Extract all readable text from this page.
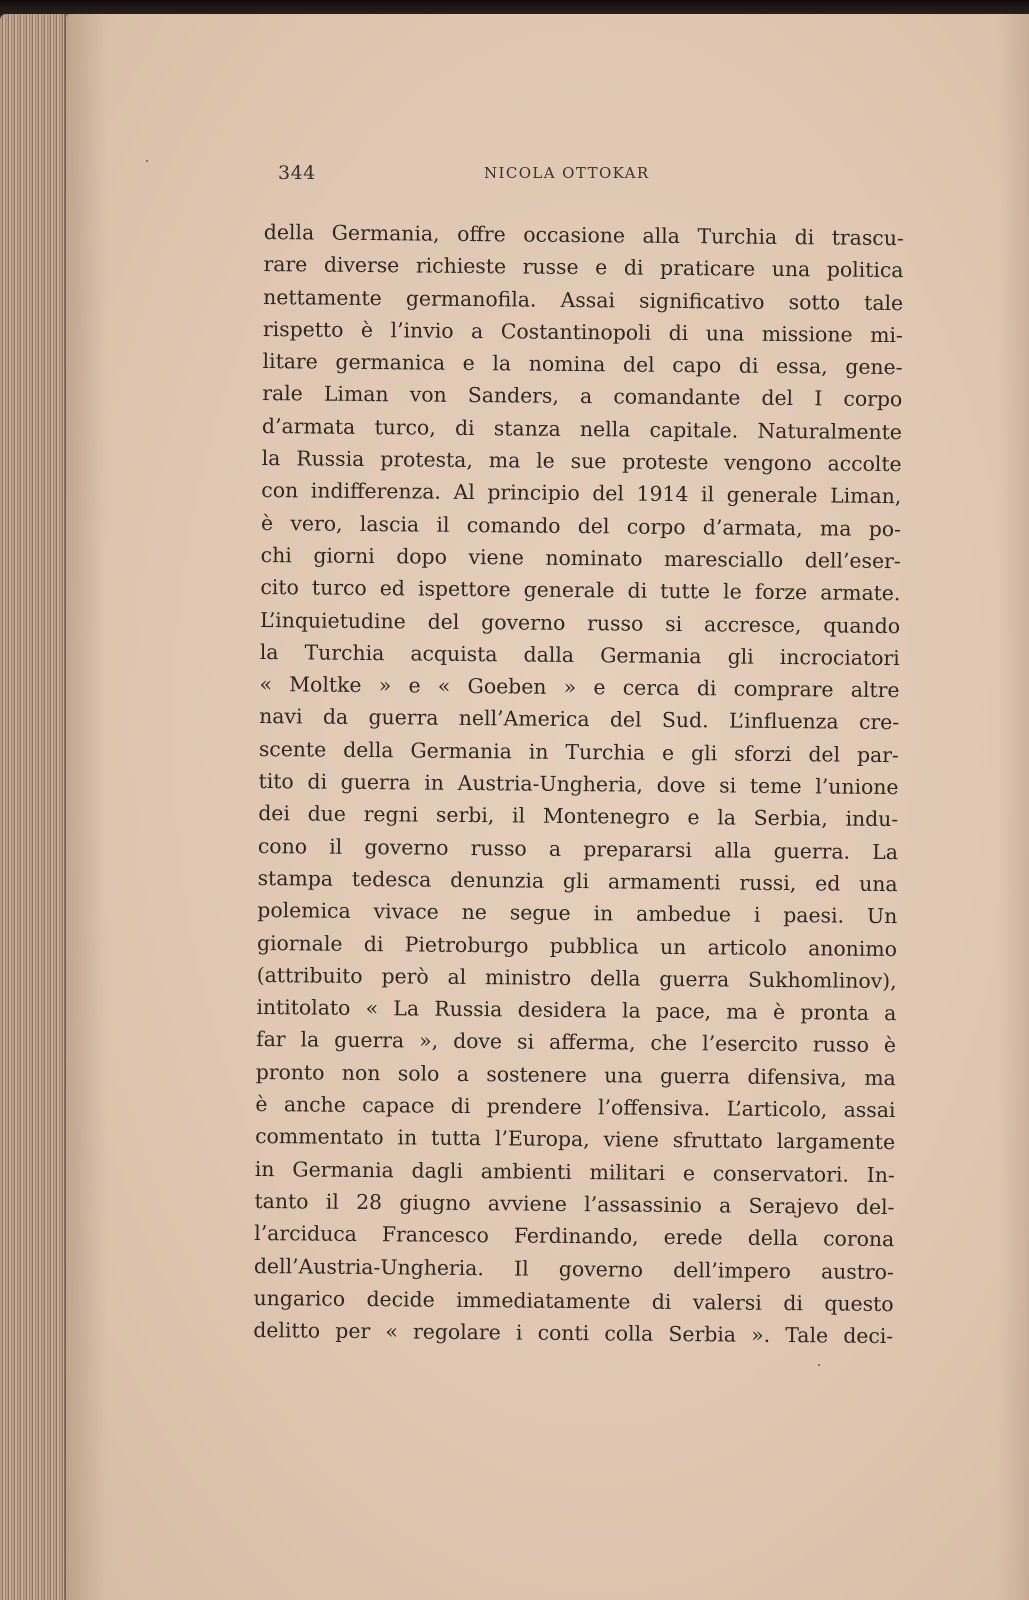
344	NICOLA OTTOKAR
della Germania, offre occasione alla Turchia di trascu-
rare diverse richieste russe e di praticare una politica
nettamente germanofila. Assai significativo sotto tale
rispetto è l’invio a Costantinopoli di una missione mi-
litare germanica e la nomina del capo di essa, gene-
rale Liman von Sanders, a comandante del I corpo
d’armata turco, di stanza nella capitale. Naturalmente
la Russia protesta, ma le sue proteste vengono accolte
con indifferenza. Al principio del 1914 il generale Liman,
è vero, lascia il comando del corpo d’armata, ma po-
chi giorni dopo viene nominato maresciallo dell’eser-
cito turco ed ispettore generale di tutte le forze armate.
L’inquietudine del governo russo si accresce, quando
la Turchia acquista dalla Germania gli incrociatori
« Moltke » e « Goeben » e cerca di comprare altre
navi da guerra nell’America del Sud. L’influenza cre-
scente della Germania in Turchia e gli sforzi del par-
tito di guerra in Austria-Ungheria, dove si teme l’unione
dei due regni serbi, il Montenegro e la Serbia, indu-
cono il governo russo a prepararsi alla guerra. La
stampa tedesca denunzia gli armamenti russi, ed una
polemica vivace ne segue in ambedue i paesi. Un
giornale di Pietroburgo pubblica un articolo anonimo
(attribuito però al ministro della guerra Sukhomlinov),
intitolato « La Russia desidera la pace, ma è pronta a
far la guerra », dove si afferma, che l’esercito russo è
pronto non solo a sostenere una guerra difensiva, ma
è anche capace di prendere l’offensiva. L’articolo, assai
commentato in tutta l’Europa, viene sfruttato largamente
in Germania dagli ambienti militari e conservatori. In-
tanto il 28 giugno avviene l’assassinio a Serajevo del-
l’arciduca Francesco Ferdinando, erede della corona
dell’Austria-Ungheria. Il governo dell’impero austro-
ungarico decide immediatamente di valersi di questo
delitto per « regolare i conti colla Serbia ». Tale deci-
